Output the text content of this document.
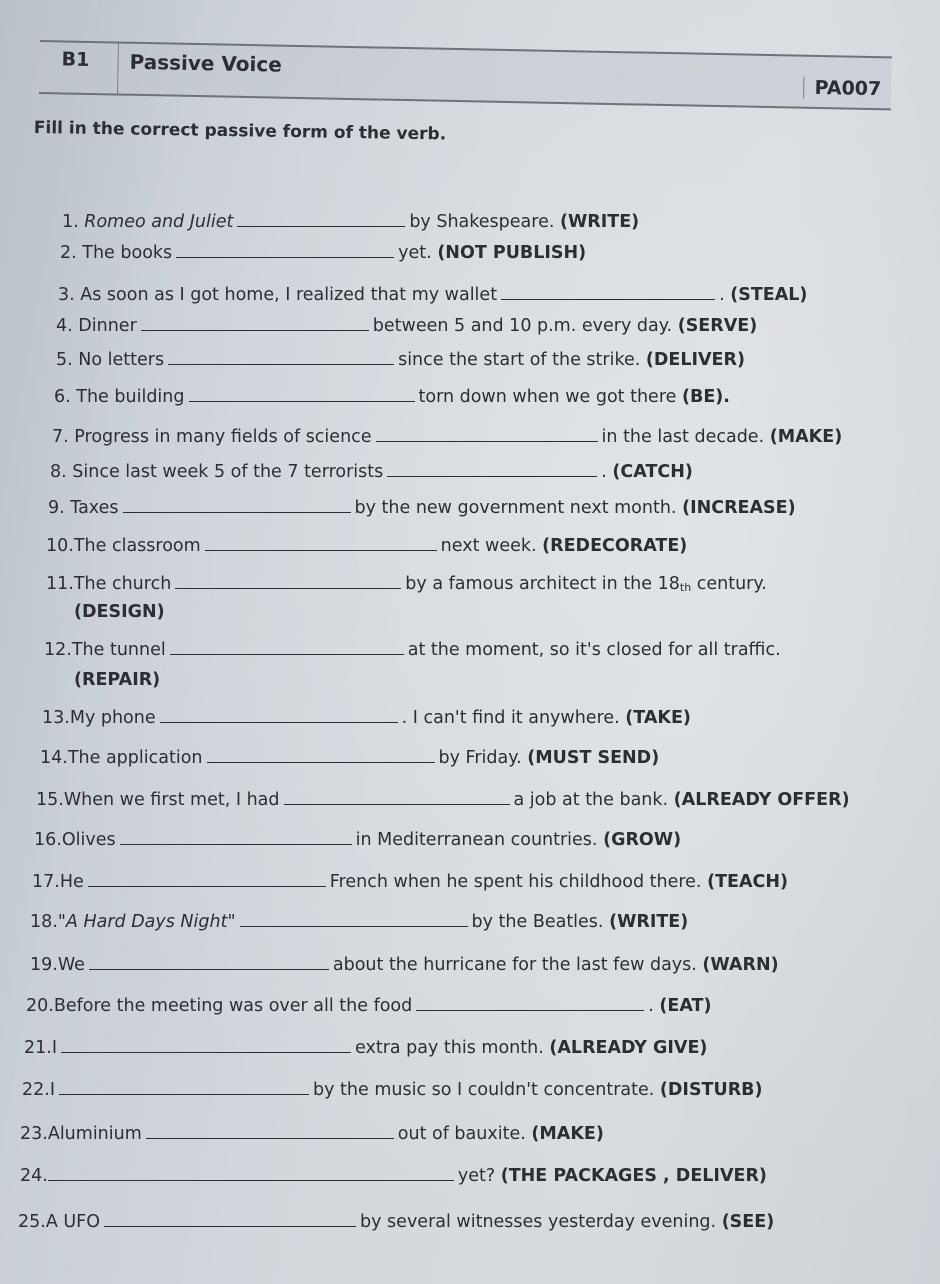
B1 Passive Voice
PA007
Fill in the correct passive form of the verb.
1.
Romeo and Juliet	by Shakespeare.
(WRITE)
2.
The books	yet.
(NOT PUBLISH)
3.
As soon as I got home, I realized that my wallet	.
(STEAL)
4.
Dinner	between 5 and 10 p.m. every day.
(SERVE)
5.
No letters	since the start of the strike.
(DELIVER)
6.
The building	torn down when we got there
(BE).
7.
Progress in many fields of science	in the last decade.
(MAKE)
8.
Since last week 5 of the 7 terrorists	.
(CATCH)
9.
Taxes	by the new government next month.
(INCREASE)
10. The classroom	next week.
(REDECORATE)
11. The church	by a famous architect in the $18_{th}$
century.
(DESIGN)
12. The tunnel	at the moment, so it's closed for all traffic.
(REPAIR)
13. My phone	. I can't find it anywhere.
(TAKE)
14. The application	by Friday.
(MUST SEND)
15. When we first met, I had	a job at the bank.
(ALREADY OFFER)
16. Olives	in Mediterranean countries.
(GROW)
17. He	French when he spent his childhood there.
(TEACH)
18. " A Hard Days Night "	by the Beatles.
(WRITE)
19. We	about the hurricane for the last few days.
(WARN)
20. Before the meeting was over all the food	.
(EAT)
21. I	extra pay this month.
(ALREADY GIVE)
22. I	by the music so I couldn't concentrate.
(DISTURB)
23. Aluminium	out of bauxite.
(MAKE)
24.	yet?
(THE PACKAGES , DELIVER)
25. A UFO	by several witnesses yesterday evening.
(SEE)
